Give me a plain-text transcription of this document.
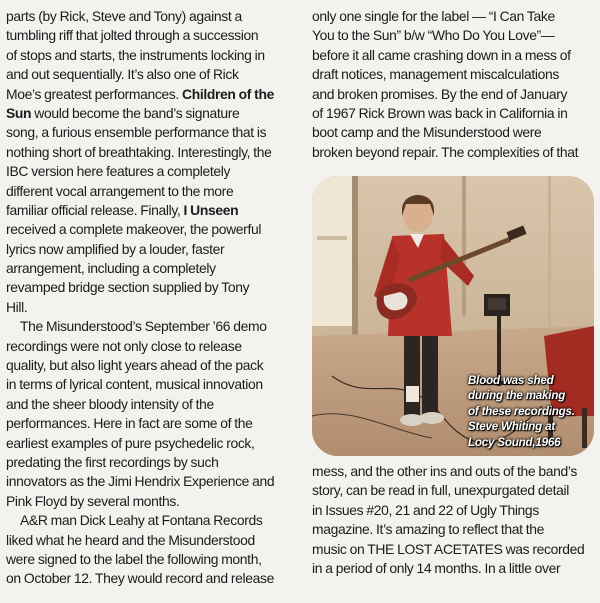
parts (by Rick, Steve and Tony) against a
tumbling riff that jolted through a succession
of stops and starts, the instruments locking in
and out sequentially. It’s also one of Rick
Moe’s greatest performances. Children of the
Sun would become the band’s signature
song, a furious ensemble performance that is
nothing short of breathtaking. Interestingly, the
IBC version here features a completely
different vocal arrangement to the more
familiar official release. Finally, I Unseen
received a complete makeover, the powerful
lyrics now amplified by a louder, faster
arrangement, including a completely
revamped bridge section supplied by Tony
Hill.
The Misunderstood’s September ’66 demo
recordings were not only close to release
quality, but also light years ahead of the pack
in terms of lyrical content, musical innovation
and the sheer bloody intensity of the
performances. Here in fact are some of the
earliest examples of pure psychedelic rock,
predating the first recordings by such
innovators as the Jimi Hendrix Experience and
Pink Floyd by several months.
A&R man Dick Leahy at Fontana Records
liked what he heard and the Misunderstood
were signed to the label the following month,
on October 12. They would record and release
only one single for the label — “I Can Take
You to the Sun” b/w “Who Do You Love”—
before it all came crashing down in a mess of
draft notices, management miscalculations
and broken promises. By the end of January
of 1967 Rick Brown was back in California in
boot camp and the Misunderstood were
broken beyond repair. The complexities of that
Blood was shed
during the making
of these recordings.
Steve Whiting at
Locy Sound,1966
mess, and the other ins and outs of the band’s
story, can be read in full, unexpurgated detail
in Issues #20, 21 and 22 of Ugly Things
magazine. It’s amazing to reflect that the
music on THE LOST ACETATES was recorded
in a period of only 14 months. In a little over
